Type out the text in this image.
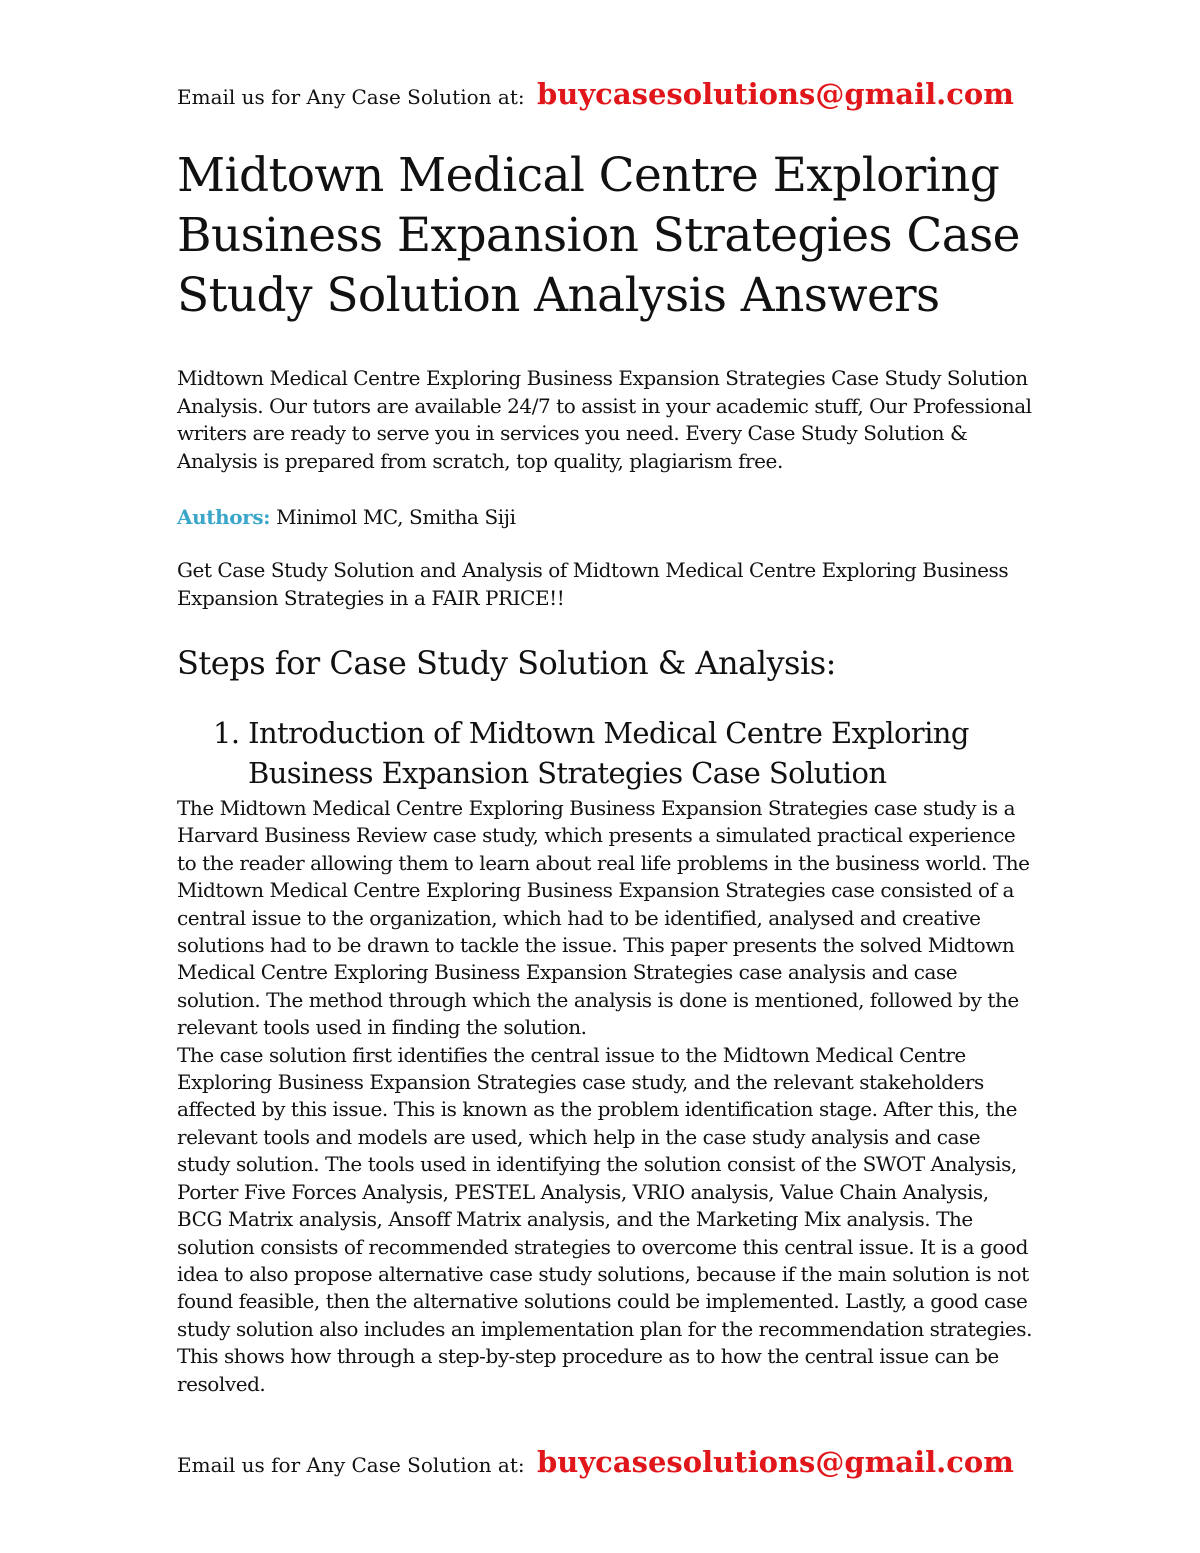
Email us for Any Case Solution at: buycasesolutions@gmail.com
Midtown Medical Centre Exploring Business Expansion Strategies Case Study Solution Analysis Answers

Midtown Medical Centre Exploring Business Expansion Strategies Case Study Solution Analysis. Our tutors are available 24/7 to assist in your academic stuff, Our Professional writers are ready to serve you in services you need. Every Case Study Solution & Analysis is prepared from scratch, top quality, plagiarism free.

Authors: Minimol MC, Smitha Siji

Get Case Study Solution and Analysis of Midtown Medical Centre Exploring Business Expansion Strategies in a FAIR PRICE!!

Steps for Case Study Solution & Analysis:
1. Introduction of Midtown Medical Centre Exploring
Business Expansion Strategies Case Solution

The Midtown Medical Centre Exploring Business Expansion Strategies case study is a Harvard Business Review case study, which presents a simulated practical experience to the reader allowing them to learn about real life problems in the business world. The Midtown Medical Centre Exploring Business Expansion Strategies case consisted of a central issue to the organization, which had to be identified, analysed and creative solutions had to be drawn to tackle the issue. This paper presents the solved Midtown Medical Centre Exploring Business Expansion Strategies case analysis and case solution. The method through which the analysis is done is mentioned, followed by the relevant tools used in finding the solution.

The case solution first identifies the central issue to the Midtown Medical Centre Exploring Business Expansion Strategies case study, and the relevant stakeholders affected by this issue. This is known as the problem identification stage. After this, the relevant tools and models are used, which help in the case study analysis and case study solution. The tools used in identifying the solution consist of the SWOT Analysis, Porter Five Forces Analysis, PESTEL Analysis, VRIO analysis, Value Chain Analysis, BCG Matrix analysis, Ansoff Matrix analysis, and the Marketing Mix analysis. The solution consists of recommended strategies to overcome this central issue. It is a good idea to also propose alternative case study solutions, because if the main solution is not found feasible, then the alternative solutions could be implemented. Lastly, a good case study solution also includes an implementation plan for the recommendation strategies. This shows how through a step-by-step procedure as to how the central issue can be resolved.

Email us for Any Case Solution at: buycasesolutions@gmail.com
